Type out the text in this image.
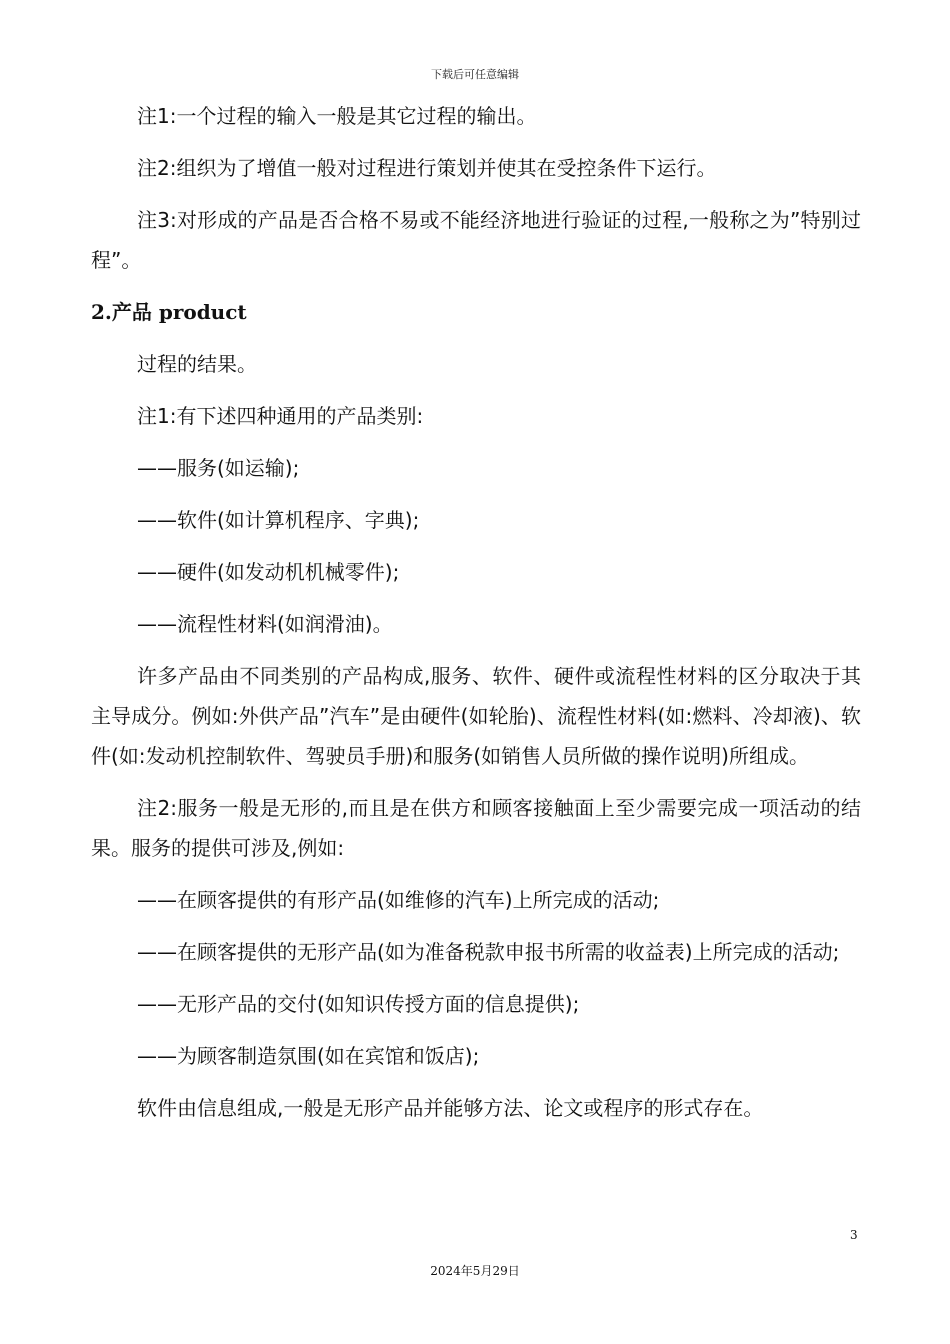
下载后可任意编辑

注1:一个过程的输入一般是其它过程的输出。

注2:组织为了增值一般对过程进行策划并使其在受控条件下运行。

注3:对形成的产品是否合格不易或不能经济地进行验证的过程,一般称之为”特别过程”。

2.产品 product

过程的结果。

注1:有下述四种通用的产品类别:

——服务(如运输);

——软件(如计算机程序、字典);

——硬件(如发动机机械零件);

——流程性材料(如润滑油)。

许多产品由不同类别的产品构成,服务、软件、硬件或流程性材料的区分取决于其主导成分。例如:外供产品”汽车”是由硬件(如轮胎)、流程性材料(如:燃料、冷却液)、软件(如:发动机控制软件、驾驶员手册)和服务(如销售人员所做的操作说明)所组成。

注2:服务一般是无形的,而且是在供方和顾客接触面上至少需要完成一项活动的结果。服务的提供可涉及,例如:

——在顾客提供的有形产品(如维修的汽车)上所完成的活动;

——在顾客提供的无形产品(如为准备税款申报书所需的收益表)上所完成的活动;

——无形产品的交付(如知识传授方面的信息提供);

——为顾客制造氛围(如在宾馆和饭店);

软件由信息组成,一般是无形产品并能够方法、论文或程序的形式存在。

3
2024年5月29日
